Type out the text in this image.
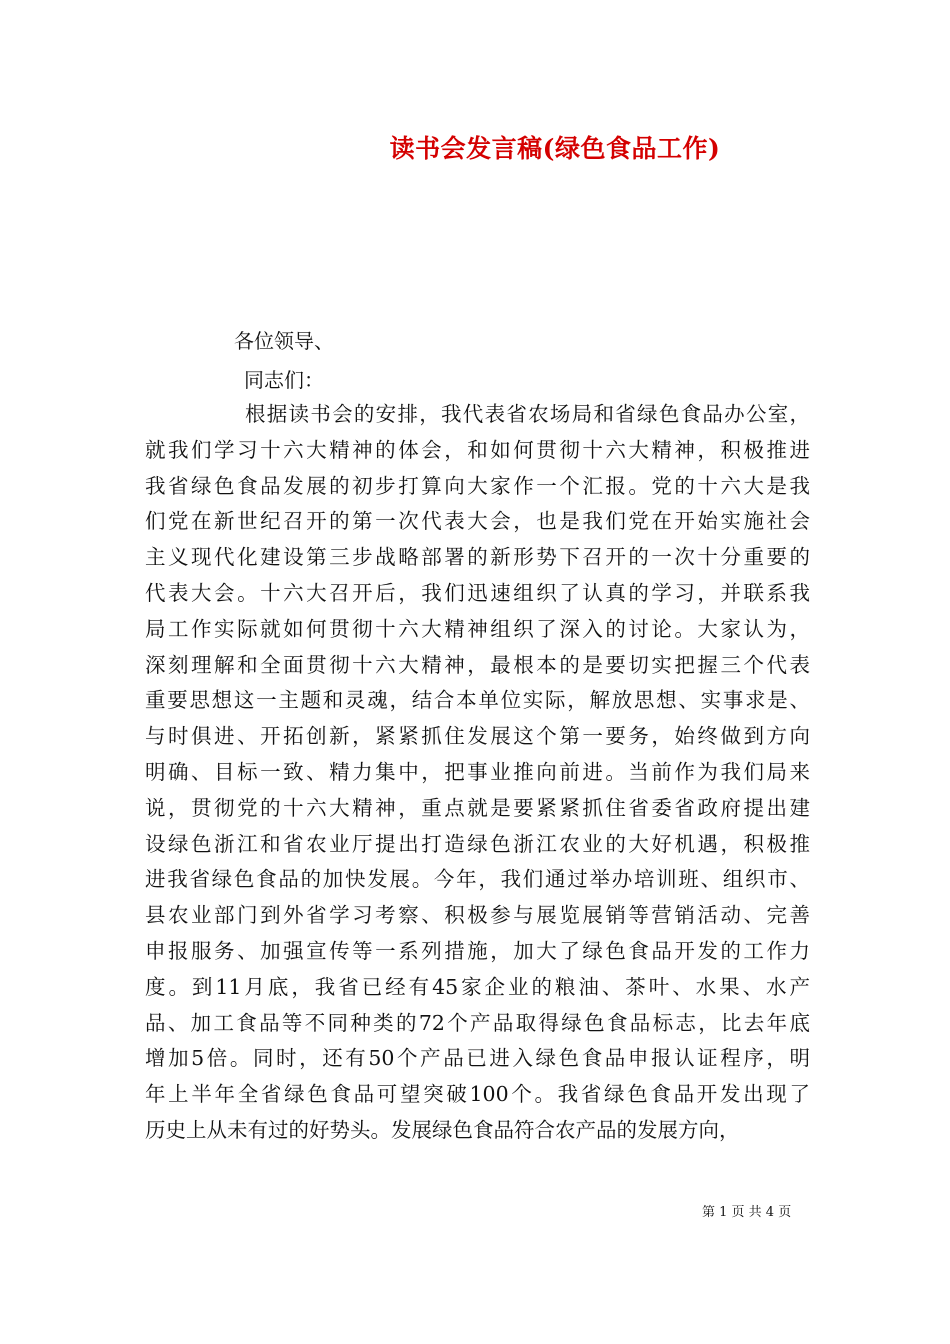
读书会发言稿(绿色食品工作)
各位领导、
同志们：
根据读书会的安排，我代表省农场局和省绿色食品办公室，
就我们学习十六大精神的体会，和如何贯彻十六大精神，积极推进
我省绿色食品发展的初步打算向大家作一个汇报。党的十六大是我
们党在新世纪召开的第一次代表大会，也是我们党在开始实施社会
主义现代化建设第三步战略部署的新形势下召开的一次十分重要的
代表大会。十六大召开后，我们迅速组织了认真的学习，并联系我
局工作实际就如何贯彻十六大精神组织了深入的讨论。大家认为，
深刻理解和全面贯彻十六大精神，最根本的是要切实把握三个代表
重要思想这一主题和灵魂，结合本单位实际，解放思想、实事求是、
与时俱进、开拓创新，紧紧抓住发展这个第一要务，始终做到方向
明确、目标一致、精力集中，把事业推向前进。当前作为我们局来
说，贯彻党的十六大精神，重点就是要紧紧抓住省委省政府提出建
设绿色浙江和省农业厅提出打造绿色浙江农业的大好机遇，积极推
进我省绿色食品的加快发展。今年，我们通过举办培训班、组织市、
县农业部门到外省学习考察、积极参与展览展销等营销活动、完善
申报服务、加强宣传等一系列措施，加大了绿色食品开发的工作力
度。到11月底，我省已经有45家企业的粮油、茶叶、水果、水产
品、加工食品等不同种类的72个产品取得绿色食品标志，比去年底
增加5倍。同时，还有50个产品已进入绿色食品申报认证程序，明
年上半年全省绿色食品可望突破100个。我省绿色食品开发出现了
历史上从未有过的好势头。发展绿色食品符合农产品的发展方向，
第 1 页 共 4 页
